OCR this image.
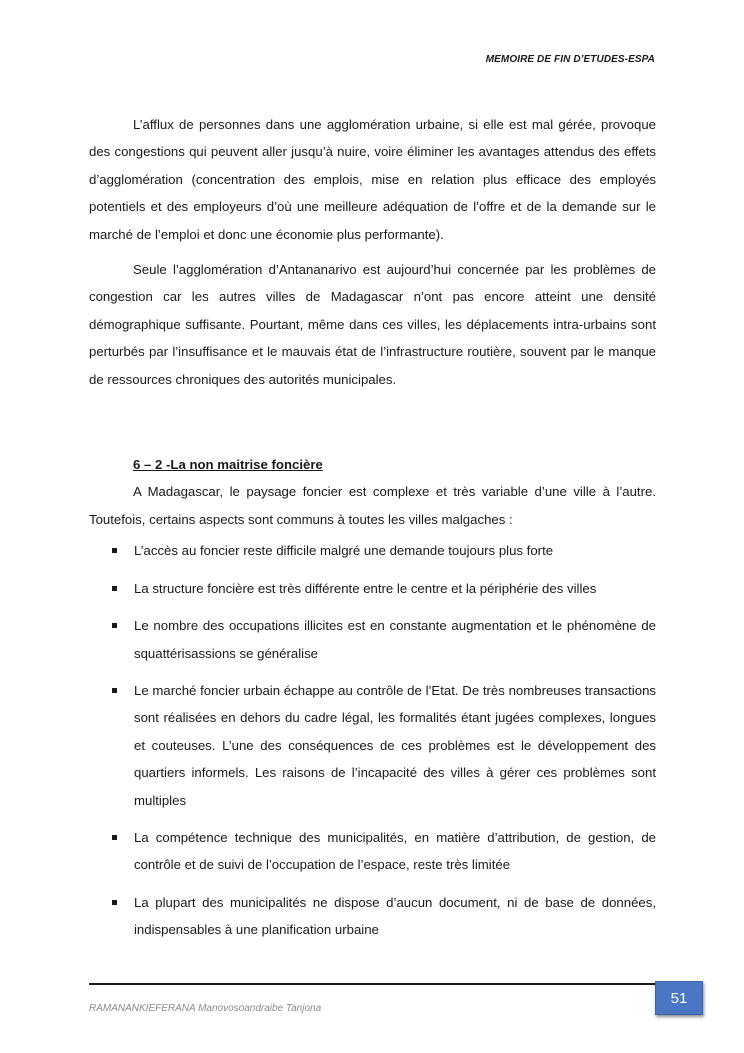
MEMOIRE DE FIN D’ETUDES-ESPA

L’afflux de personnes dans une agglomération urbaine, si elle est mal gérée, provoque des congestions qui peuvent aller jusqu’à nuire, voire éliminer les avantages attendus des effets d’agglomération (concentration des emplois, mise en relation plus efficace des employés potentiels et des employeurs d’où une meilleure adéquation de l’offre et de la demande sur le marché de l’emploi et donc une économie plus performante).

Seule l’agglomération d’Antananarivo est aujourd’hui concernée par les problèmes de congestion car les autres villes de Madagascar n’ont pas encore atteint une densité démographique suffisante. Pourtant, même dans ces villes, les déplacements intra-urbains sont perturbés par l’insuffisance et le mauvais état de l’infrastructure routière, souvent par le manque de ressources chroniques des autorités municipales.

6 – 2 -La non maitrise foncière

A Madagascar, le paysage foncier est complexe et très variable d’une ville à l’autre. Toutefois, certains aspects sont communs à toutes les villes malgaches :

L’accès au foncier reste difficile malgré une demande toujours plus forte
La structure foncière est très différente entre le centre et la périphérie des villes
Le nombre des occupations illicites est en constante augmentation et le phénomène de squattérisassions se généralise
Le marché foncier urbain échappe au contrôle de l’Etat. De très nombreuses transactions sont réalisées en dehors du cadre légal, les formalités étant jugées complexes, longues et couteuses. L’une des conséquences de ces problèmes est le développement des quartiers informels. Les raisons de l’incapacité des villes à gérer ces problèmes sont multiples
La compétence technique des municipalités, en matière d’attribution, de gestion, de contrôle et de suivi de l’occupation de l’espace, reste très limitée
La plupart des municipalités ne dispose d’aucun document, ni de base de données, indispensables à une planification urbaine
51
RAMANANKIEFERANA Manovosoandraibe Tanjona
